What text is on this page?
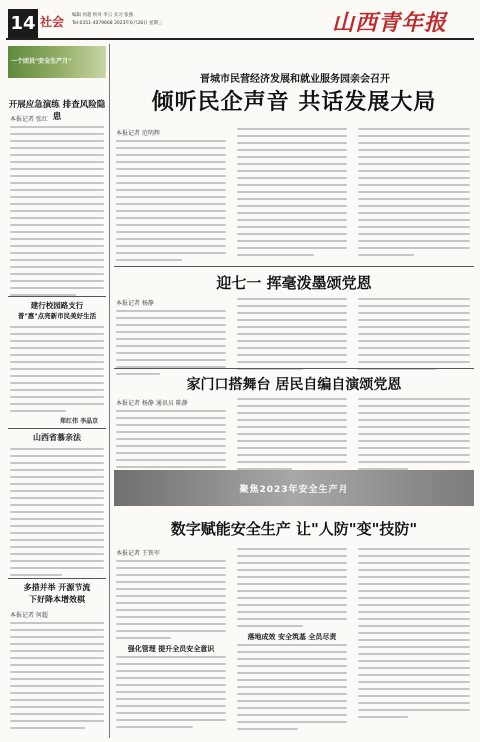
14 社会 编辑 何超 校对 李云 实习 张燕
Tel:0351-4079668 2023年6月28日 星期三	山西青年报
一个团员"安全生产月"
开展应急演练 排查风险隐患
本报记者 张红
建行校园路支行
普"惠"点亮新市民美好生活
郑红伟 李晶京
山西省慕亲法
多措并举 开源节流
下好降本增效棋
本报记者 何超
晋城市民营经济发展和就业服务园亲会召开
倾听民企声音 共话发展大局
本报记者 范明辉
迎七一 挥毫泼墨颂党恩
本报记者 杨静
家门口搭舞台 居民自编自演颂党恩
本报记者 杨静 通讯员 陈静
聚焦2023年安全生产月
数字赋能安全生产 让"人防"变"技防"
本报记者 王铁军
强化管理 提升全员安全意识
落地成效 安全筑基 全员尽责
